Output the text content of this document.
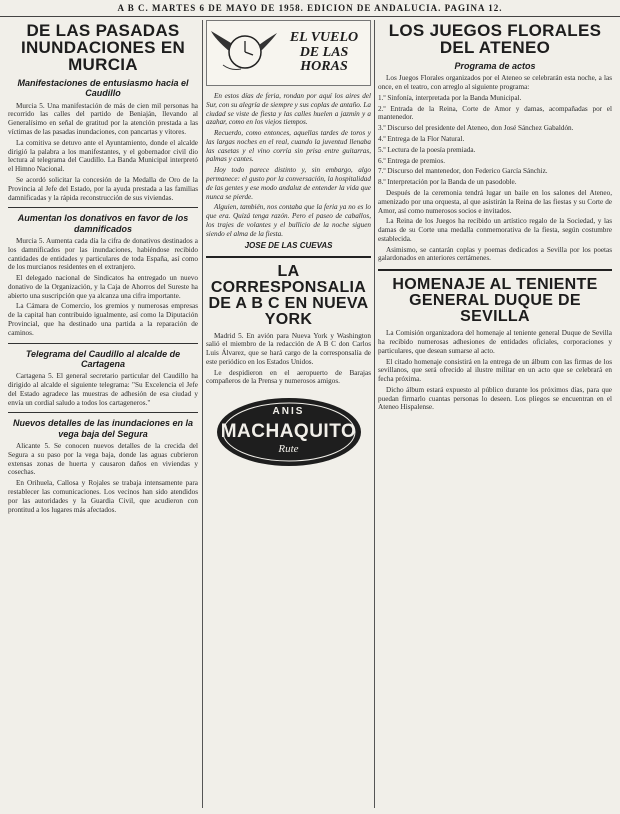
A B C. MARTES 6 DE MAYO DE 1958. EDICION DE ANDALUCIA. PAGINA 12.
DE LAS PASADAS INUNDACIONES EN MURCIA
Manifestaciones de entusiasmo hacia el Caudillo

Murcia 5. Una manifestación de más de cien mil personas ha recorrido las calles del partido de Beniaján, llevando al Generalísimo en señal de gratitud por la atención prestada a las víctimas de las pasadas inundaciones, con pancartas y vítores.

La comitiva se detuvo ante el Ayuntamiento, donde el alcalde dirigió la palabra a los manifestantes, y el gobernador civil dio lectura al telegrama del Caudillo. La Banda Municipal interpretó el Himno Nacional.

Se acordó solicitar la concesión de la Medalla de Oro de la Provincia al Jefe del Estado, por la ayuda prestada a las familias damnificadas y la rápida reconstrucción de sus viviendas.

Aumentan los donativos en favor de los damnificados

Murcia 5. Aumenta cada día la cifra de donativos destinados a los damnificados por las inundaciones, habiéndose recibido cantidades de entidades y particulares de toda España, así como de los murcianos residentes en el extranjero.

El delegado nacional de Sindicatos ha entregado un nuevo donativo de la Organización, y la Caja de Ahorros del Sureste ha abierto una suscripción que ya alcanza una cifra importante.

La Cámara de Comercio, los gremios y numerosas empresas de la capital han contribuido igualmente, así como la Diputación Provincial, que ha destinado una partida a la reparación de caminos.

Telegrama del Caudillo al alcalde de Cartagena

Cartagena 5. El general secretario particular del Caudillo ha dirigido al alcalde el siguiente telegrama: "Su Excelencia el Jefe del Estado agradece las muestras de adhesión de esa ciudad y envía un cordial saludo a todos los cartageneros."

Nuevos detalles de las inundaciones en la vega baja del Segura

Alicante 5. Se conocen nuevos detalles de la crecida del Segura a su paso por la vega baja, donde las aguas cubrieron extensas zonas de huerta y causaron daños en viviendas y cosechas.

En Orihuela, Callosa y Rojales se trabaja intensamente para restablecer las comunicaciones. Los vecinos han sido atendidos por las autoridades y la Guardia Civil, que acudieron con prontitud a los lugares más afectados.

EL VUELO DE LAS HORAS

En estos días de feria, rondan por aquí los aires del Sur, con su alegría de siempre y sus coplas de antaño. La ciudad se viste de fiesta y las calles huelen a jazmín y a azahar, como en los viejos tiempos.

Recuerdo, como entonces, aquellas tardes de toros y las largas noches en el real, cuando la juventud llenaba las casetas y el vino corría sin prisa entre guitarras, palmas y cantes.

Hoy todo parece distinto y, sin embargo, algo permanece: el gusto por la conversación, la hospitalidad de las gentes y ese modo andaluz de entender la vida que nunca se pierde.

Alguien, también, nos contaba que la feria ya no es lo que era. Quizá tenga razón. Pero el paseo de caballos, los trajes de volantes y el bullicio de la noche siguen siendo el alma de la fiesta.

JOSE DE LAS CUEVAS
LA CORRESPONSALIA DE A B C EN NUEVA YORK

Madrid 5. En avión para Nueva York y Washington salió el miembro de la redacción de A B C don Carlos Luis Álvarez, que se hará cargo de la corresponsalía de este periódico en los Estados Unidos.

Le despidieron en el aeropuerto de Barajas compañeros de la Prensa y numerosos amigos.

ANIS
MACHAQUITO
Rute
LOS JUEGOS FLORALES DEL ATENEO
Programa de actos

Los Juegos Florales organizados por el Ateneo se celebrarán esta noche, a las once, en el teatro, con arreglo al siguiente programa:

1.º Sinfonía, interpretada por la Banda Municipal.

2.º Entrada de la Reina, Corte de Amor y damas, acompañadas por el mantenedor.

3.º Discurso del presidente del Ateneo, don José Sánchez Gabaldón.

4.º Entrega de la Flor Natural.

5.º Lectura de la poesía premiada.

6.º Entrega de premios.

7.º Discurso del mantenedor, don Federico García Sánchiz.

8.º Interpretación por la Banda de un pasodoble.

Después de la ceremonia tendrá lugar un baile en los salones del Ateneo, amenizado por una orquesta, al que asistirán la Reina de las fiestas y su Corte de Amor, así como numerosos socios e invitados.

La Reina de los Juegos ha recibido un artístico regalo de la Sociedad, y las damas de su Corte una medalla conmemorativa de la fiesta, según costumbre establecida.

Asimismo, se cantarán coplas y poemas dedicados a Sevilla por los poetas galardonados en anteriores certámenes.

HOMENAJE AL TENIENTE GENERAL DUQUE DE SEVILLA

La Comisión organizadora del homenaje al teniente general Duque de Sevilla ha recibido numerosas adhesiones de entidades oficiales, corporaciones y particulares, que desean sumarse al acto.

El citado homenaje consistirá en la entrega de un álbum con las firmas de los sevillanos, que será ofrecido al ilustre militar en un acto que se celebrará en fecha próxima.

Dicho álbum estará expuesto al público durante los próximos días, para que puedan firmarlo cuantas personas lo deseen. Los pliegos se encuentran en el Ateneo Hispalense.
